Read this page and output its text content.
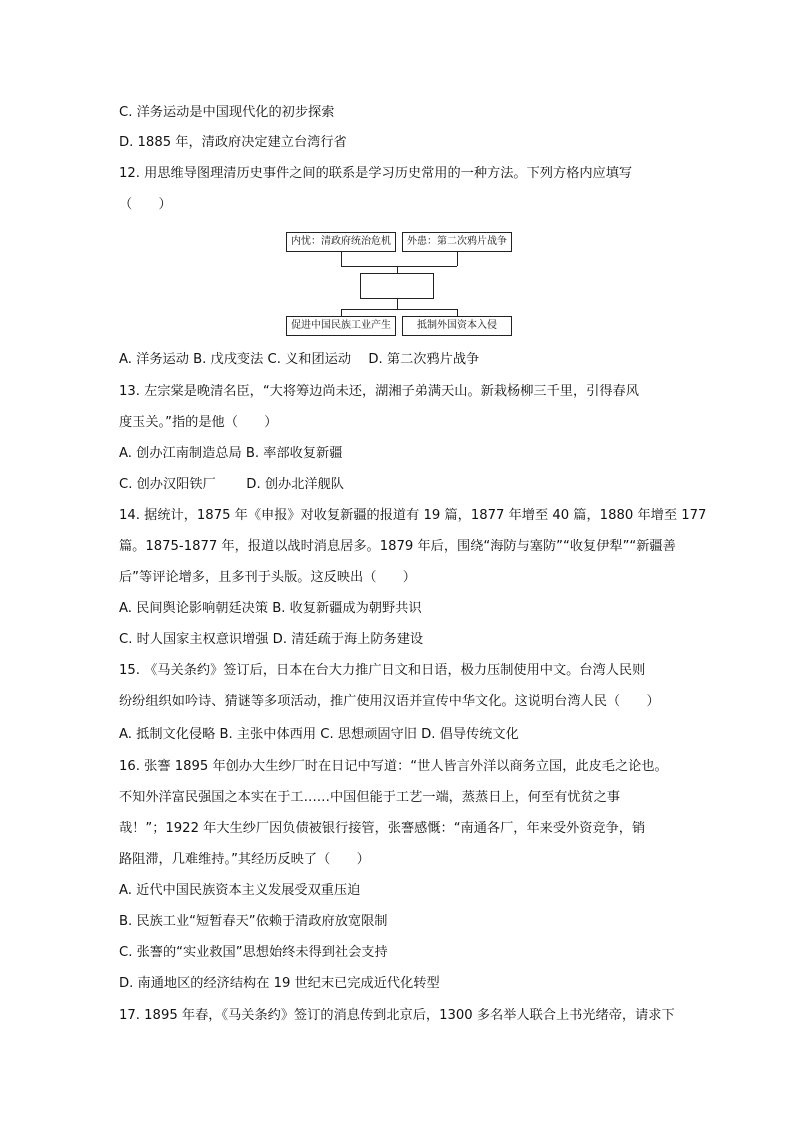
C. 洋务运动是中国现代化的初步探索
D. 1885 年，清政府决定建立台湾行省
12. 用思维导图理清历史事件之间的联系是学习历史常用的一种方法。下列方格内应填写
（　　）
内忧：清政府统治危机	外患：第二次鸦片战争
促进中国民族工业产生	抵制外国资本入侵
A. 洋务运动 B. 戊戌变法 C. 义和团运动　 D. 第二次鸦片战争
13. 左宗棠是晚清名臣，“大将筹边尚未还，湖湘子弟满天山。新栽杨柳三千里，引得春风
度玉关。”指的是他（　　）
A. 创办江南制造总局 B. 率部收复新疆
C. 创办汉阳铁厂　　 D. 创办北洋舰队
14. 据统计，1875 年《申报》对收复新疆的报道有 19 篇，1877 年增至 40 篇，1880 年增至 177
篇。1875-1877 年，报道以战时消息居多。1879 年后，围绕“海防与塞防”“收复伊犁”“新疆善
后”等评论增多，且多刊于头版。这反映出（　　）
A. 民间舆论影响朝廷决策 B. 收复新疆成为朝野共识
C. 时人国家主权意识增强 D. 清廷疏于海上防务建设
15. 《马关条约》签订后，日本在台大力推广日文和日语，极力压制使用中文。台湾人民则
纷纷组织如吟诗、猜谜等多项活动，推广使用汉语并宣传中华文化。这说明台湾人民（　　）
A. 抵制文化侵略 B. 主张中体西用 C. 思想顽固守旧 D. 倡导传统文化
16. 张謇 1895 年创办大生纱厂时在日记中写道：“世人皆言外洋以商务立国，此皮毛之论也。
不知外洋富民强国之本实在于工……中国但能于工艺一端，蒸蒸日上，何至有忧贫之事
哉！”；1922 年大生纱厂因负债被银行接管，张謇感慨：“南通各厂，年来受外资竞争，销
路阻滞，几难维持。”其经历反映了（　　）
A. 近代中国民族资本主义发展受双重压迫
B. 民族工业“短暂春天”依赖于清政府放宽限制
C. 张謇的“实业救国”思想始终未得到社会支持
D. 南通地区的经济结构在 19 世纪末已完成近代化转型
17. 1895 年春，《马关条约》签订的消息传到北京后，1300 多名举人联合上书光绪帝，请求下
